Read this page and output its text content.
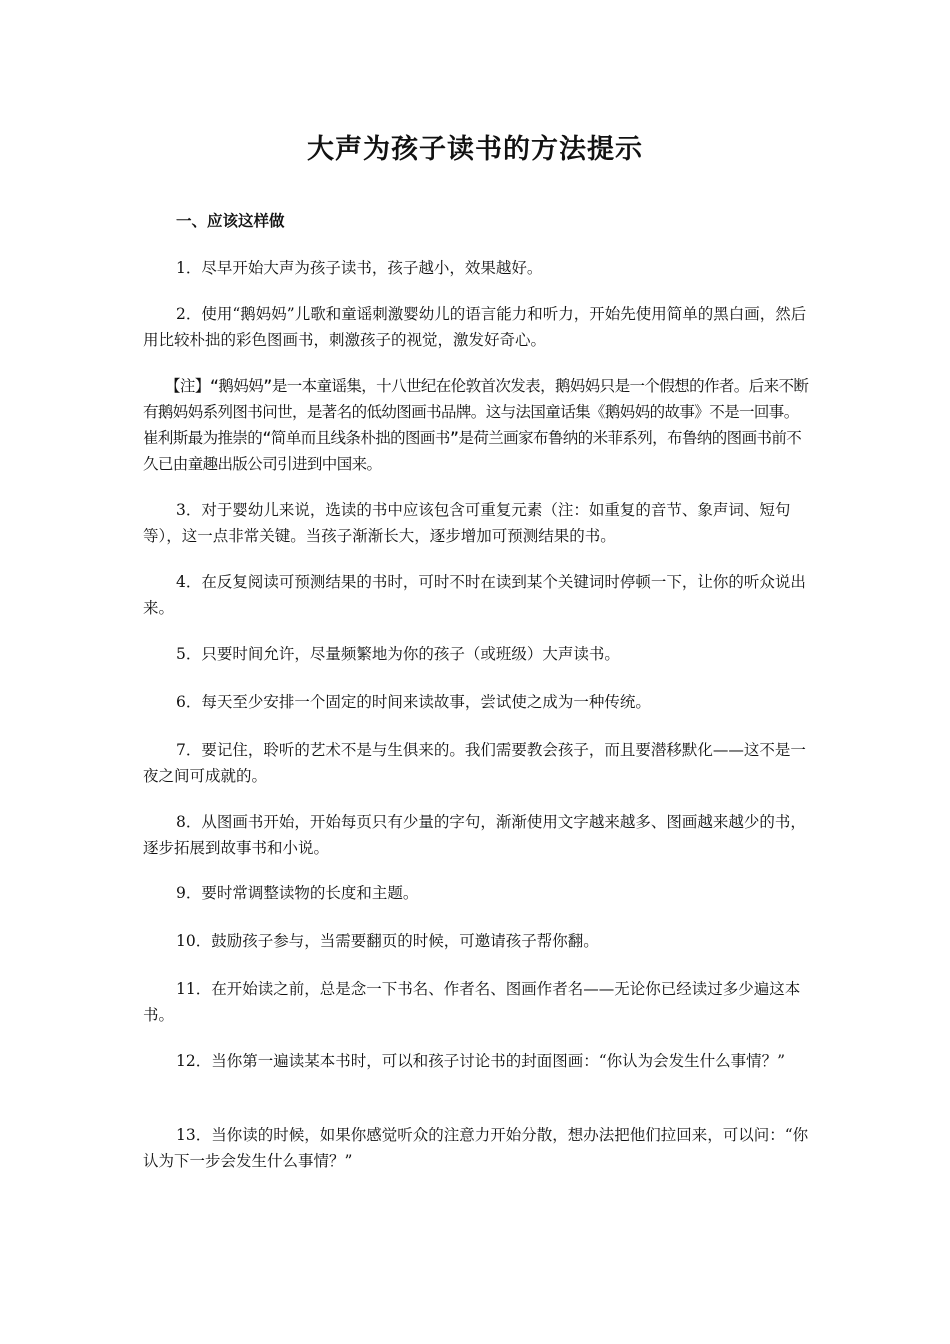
大声为孩子读书的方法提示
一、应该这样做

1．尽早开始大声为孩子读书，孩子越小，效果越好。

2．使用“鹅妈妈”儿歌和童谣刺激婴幼儿的语言能力和听力，开始先使用简单的黑白画，然后用比较朴拙的彩色图画书，刺激孩子的视觉，激发好奇心。

【注】“鹅妈妈”是一本童谣集，十八世纪在伦敦首次发表，鹅妈妈只是一个假想的作者。后来不断有鹅妈妈系列图书问世，是著名的低幼图画书品牌。这与法国童话集《鹅妈妈的故事》不是一回事。崔利斯最为推崇的“简单而且线条朴拙的图画书”是荷兰画家布鲁纳的米菲系列，布鲁纳的图画书前不久已由童趣出版公司引进到中国来。

3．对于婴幼儿来说，选读的书中应该包含可重复元素（注：如重复的音节、象声词、短句等），这一点非常关键。当孩子渐渐长大，逐步增加可预测结果的书。

4．在反复阅读可预测结果的书时，可时不时在读到某个关键词时停顿一下，让你的听众说出来。

5．只要时间允许，尽量频繁地为你的孩子（或班级）大声读书。

6．每天至少安排一个固定的时间来读故事，尝试使之成为一种传统。

7．要记住，聆听的艺术不是与生俱来的。我们需要教会孩子，而且要潜移默化——这不是一夜之间可成就的。

8．从图画书开始，开始每页只有少量的字句，渐渐使用文字越来越多、图画越来越少的书，逐步拓展到故事书和小说。

9．要时常调整读物的长度和主题。

10．鼓励孩子参与，当需要翻页的时候，可邀请孩子帮你翻。

11．在开始读之前，总是念一下书名、作者名、图画作者名——无论你已经读过多少遍这本书。

12．当你第一遍读某本书时，可以和孩子讨论书的封面图画：“你认为会发生什么事情？”

13．当你读的时候，如果你感觉听众的注意力开始分散，想办法把他们拉回来，可以问：“你认为下一步会发生什么事情？”
